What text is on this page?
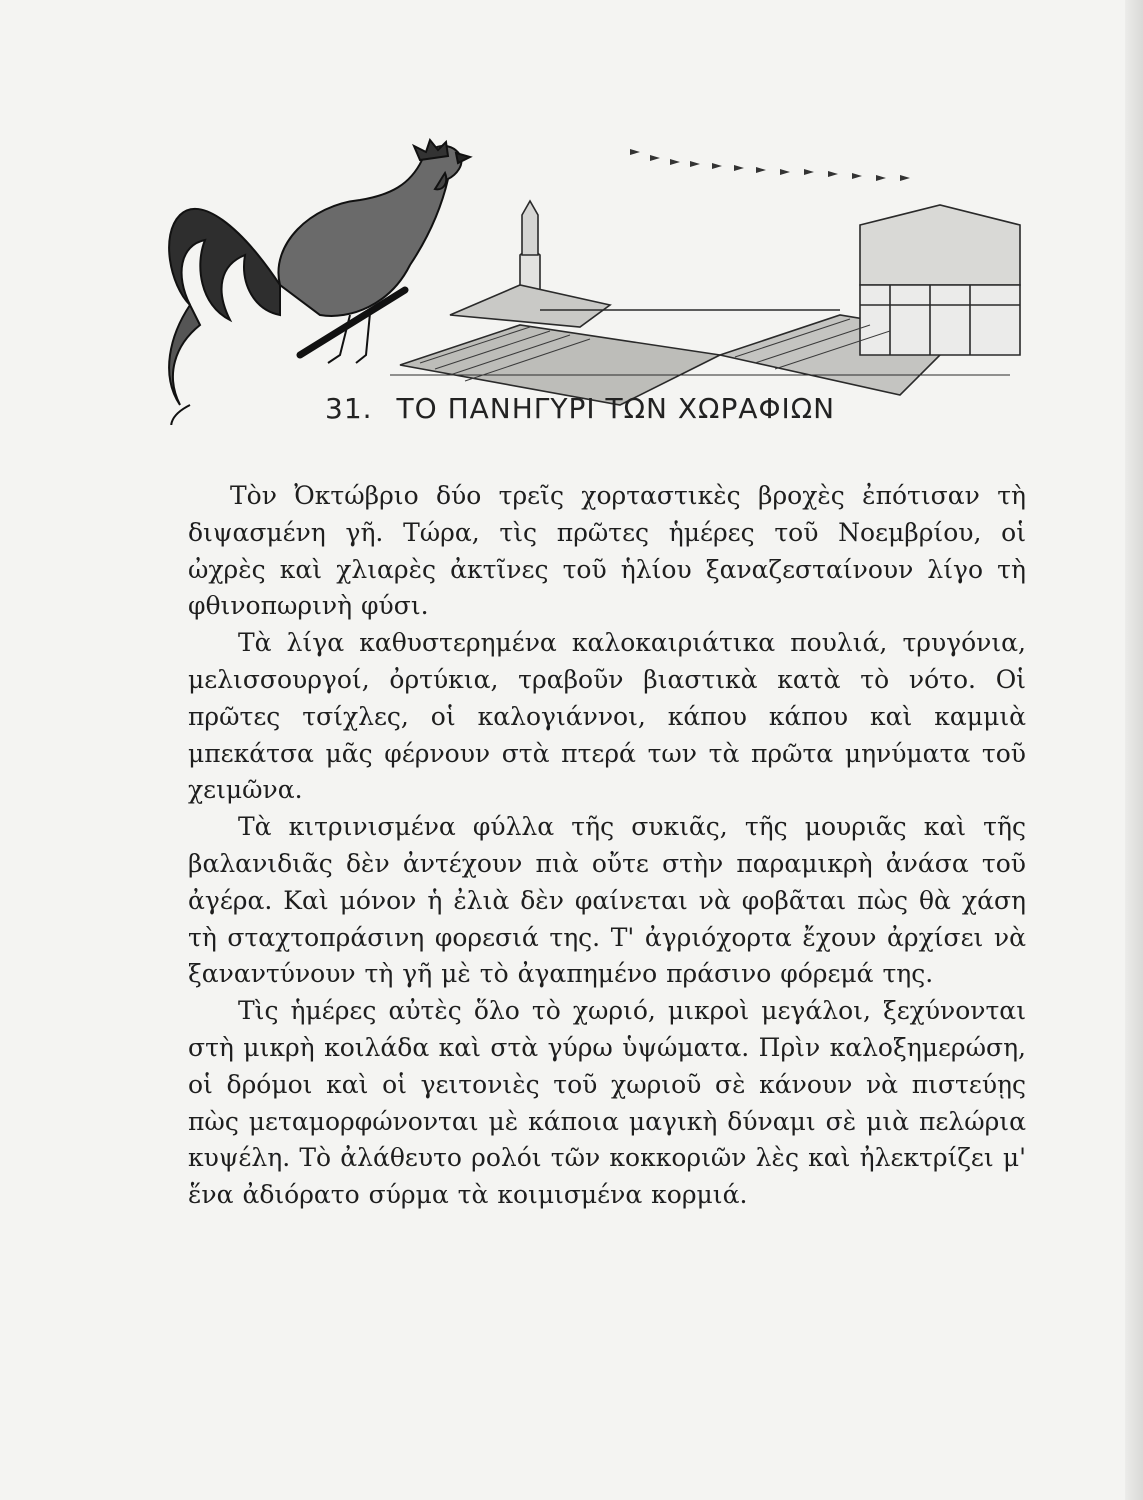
31. ΤΟ ΠΑΝΗΓΥΡΙ ΤΩΝ ΧΩΡΑΦΙΩΝ

Τὸν Ὀκτώβριο δύο τρεῖς χορταστικὲς βροχὲς ἐπότισαν τὴ διψασμένη γῆ. Τώρα, τὶς πρῶτες ἡμέρες τοῦ Νοεμβρίου, οἱ ὠχρὲς καὶ χλιαρὲς ἀκτῖνες τοῦ ἡλίου ξαναζεσταίνουν λίγο τὴ φθινοπωρινὴ φύσι.

Τὰ λίγα καθυστερημένα καλοκαιριάτικα πουλιά, τρυγόνια, μελισσουργοί, ὀρτύκια, τραβοῦν βιαστικὰ κατὰ τὸ νότο. Οἱ πρῶτες τσίχλες, οἱ καλογιάννοι, κάπου κάπου καὶ καμμιὰ μπεκάτσα μᾶς φέρνουν στὰ πτερά των τὰ πρῶτα μηνύματα τοῦ χειμῶνα.

Τὰ κιτρινισμένα φύλλα τῆς συκιᾶς, τῆς μουριᾶς καὶ τῆς βαλανιδιᾶς δὲν ἀντέχουν πιὰ οὔτε στὴν παραμικρὴ ἀνάσα τοῦ ἀγέρα. Καὶ μόνον ἡ ἐλιὰ δὲν φαίνεται νὰ φοβᾶται πὼς θὰ χάση τὴ σταχτοπράσινη φορεσιά της. Τ' ἀγριόχορτα ἔχουν ἀρχίσει νὰ ξαναντύνουν τὴ γῆ μὲ τὸ ἀγαπημένο πράσινο φόρεμά της.

Τὶς ἡμέρες αὐτὲς ὅλο τὸ χωριό, μικροὶ μεγάλοι, ξεχύνονται στὴ μικρὴ κοιλάδα καὶ στὰ γύρω ὑψώματα. Πρὶν καλοξημερώση, οἱ δρόμοι καὶ οἱ γειτονιὲς τοῦ χωριοῦ σὲ κάνουν νὰ πιστεύῃς πὼς μεταμορφώνονται μὲ κάποια μαγικὴ δύναμι σὲ μιὰ πελώρια κυψέλη. Τὸ ἀλάθευτο ρολόι τῶν κοκκοριῶν λὲς καὶ ἠλεκτρίζει μ' ἕνα ἀδιόρατο σύρμα τὰ κοιμισμένα κορμιά.
